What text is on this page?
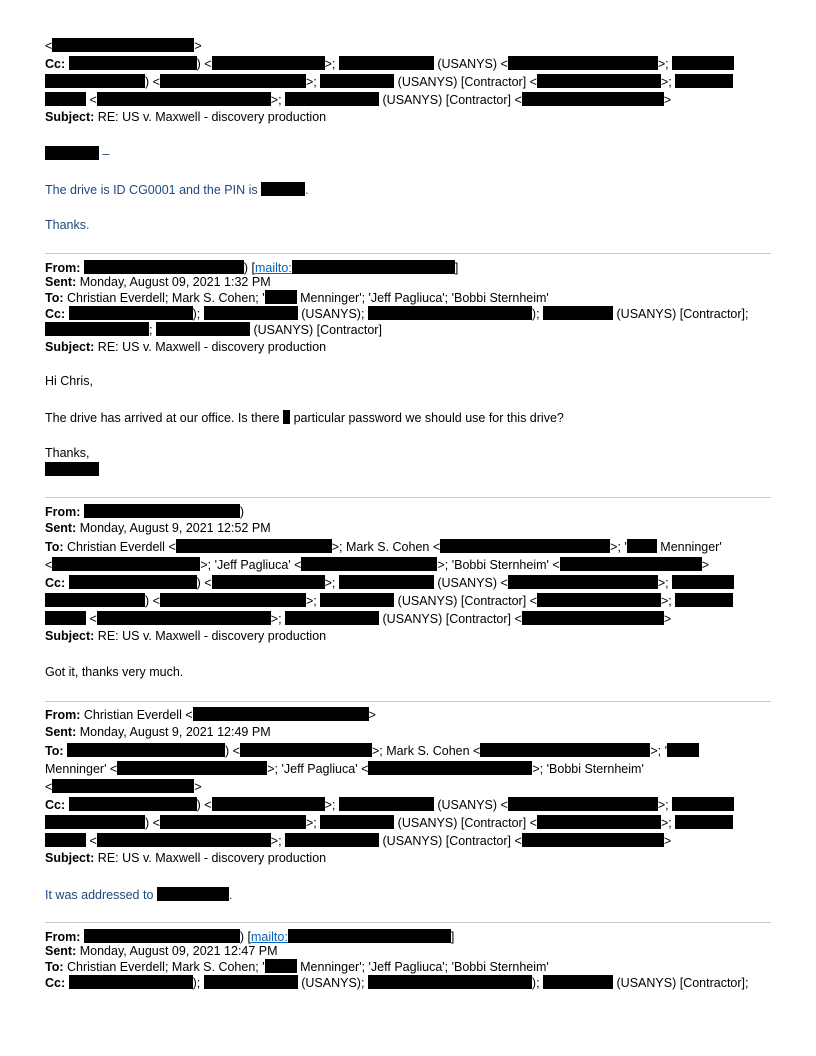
<	>
Cc:	) <	>;	(USANYS) <	>;
) <	>;	(USANYS) [Contractor] <	>;
<	>;	(USANYS) [Contractor] <	>
Subject: RE: US v. Maxwell - discovery production
–
The drive is ID CG0001 and the PIN is	.
Thanks.
From:	) [mailto:	]
Sent: Monday, August 09, 2021 1:32 PM
To: Christian Everdell; Mark S. Cohen; '	Menninger'; 'Jeff Pagliuca'; 'Bobbi Sternheim'
Cc:	);	(USANYS);	);	(USANYS) [Contractor];
;	(USANYS) [Contractor]
Subject: RE: US v. Maxwell - discovery production
Hi Chris,
The drive has arrived at our office. Is there particular password we should use for this drive?
Thanks,
From:	)
Sent: Monday, August 9, 2021 12:52 PM
To: Christian Everdell <	>; Mark S. Cohen <	>; '	Menninger'
<	>; 'Jeff Pagliuca' <	>; 'Bobbi Sternheim' <	>
Cc:	) <	>;	(USANYS) <	>;
) <	>;	(USANYS) [Contractor] <	>;
<	>;	(USANYS) [Contractor] <	>
Subject: RE: US v. Maxwell - discovery production
Got it, thanks very much.
From: Christian Everdell <	>
Sent: Monday, August 9, 2021 12:49 PM
To:	) <	>; Mark S. Cohen <	>; '
Menninger' <	>; 'Jeff Pagliuca' <	>; 'Bobbi Sternheim'
<	>
Cc:	) <	>;	(USANYS) <	>;
) <	>;	(USANYS) [Contractor] <	>;
<	>;	(USANYS) [Contractor] <	>
Subject: RE: US v. Maxwell - discovery production
It was addressed to	.
From:	) [mailto:	]
Sent: Monday, August 09, 2021 12:47 PM
To: Christian Everdell; Mark S. Cohen; '	Menninger'; 'Jeff Pagliuca'; 'Bobbi Sternheim'
Cc:	);	(USANYS);	);	(USANYS) [Contractor];
